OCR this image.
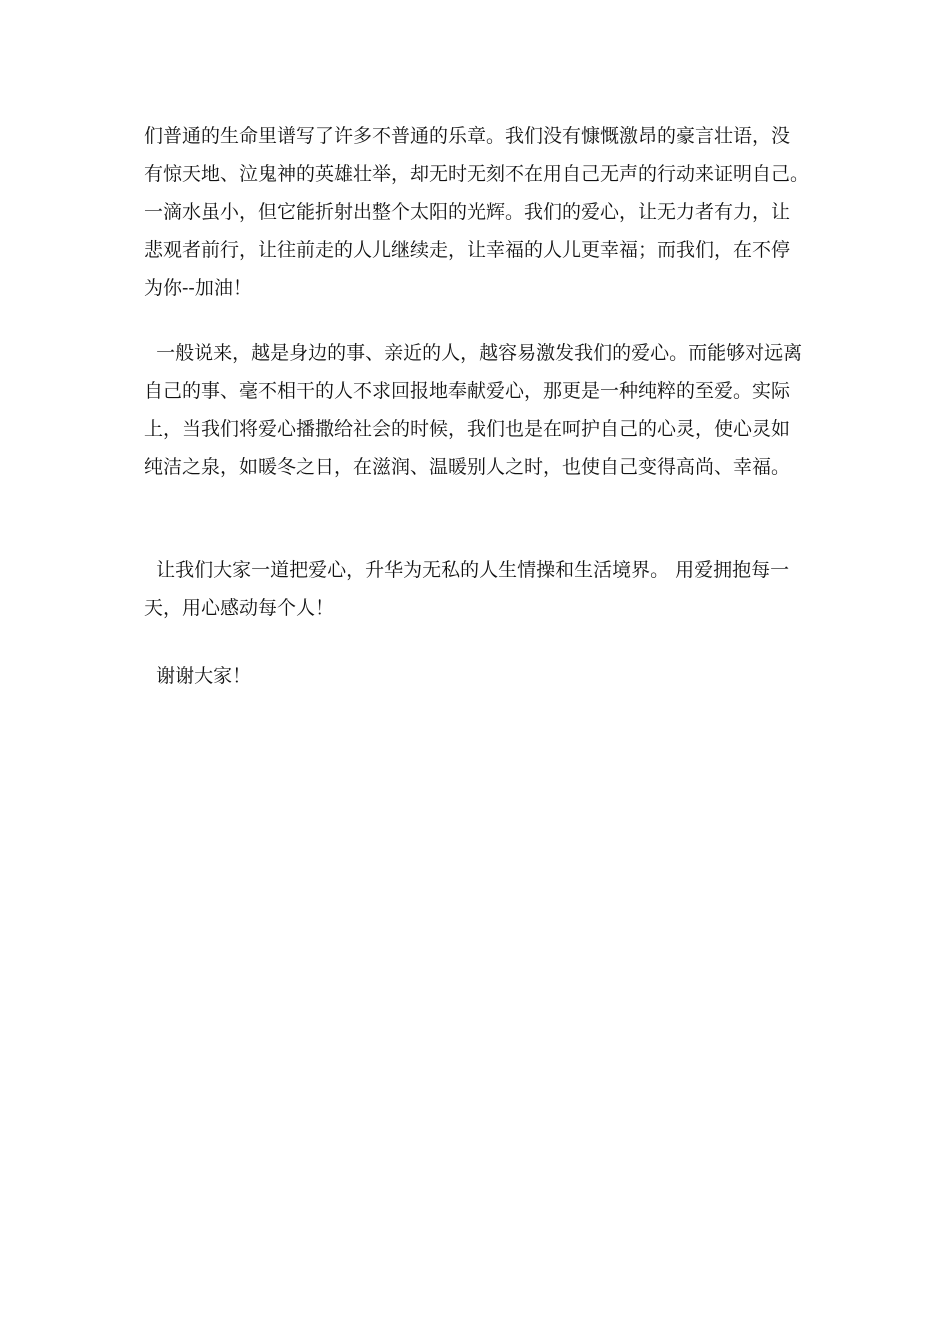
们普通的生命里谱写了许多不普通的乐章。我们没有慷慨激昂的豪言壮语，没
有惊天地、泣鬼神的英雄壮举，却无时无刻不在用自己无声的行动来证明自己。
一滴水虽小，但它能折射出整个太阳的光辉。我们的爱心，让无力者有力，让
悲观者前行，让往前走的人儿继续走，让幸福的人儿更幸福；而我们，在不停
为你--加油！
一般说来，越是身边的事、亲近的人，越容易激发我们的爱心。而能够对远离
自己的事、毫不相干的人不求回报地奉献爱心，那更是一种纯粹的至爱。实际
上，当我们将爱心播撒给社会的时候，我们也是在呵护自己的心灵，使心灵如
纯洁之泉，如暖冬之日，在滋润、温暖别人之时，也使自己变得高尚、幸福。
让我们大家一道把爱心，升华为无私的人生情操和生活境界。 用爱拥抱每一
天，用心感动每个人！
谢谢大家！
